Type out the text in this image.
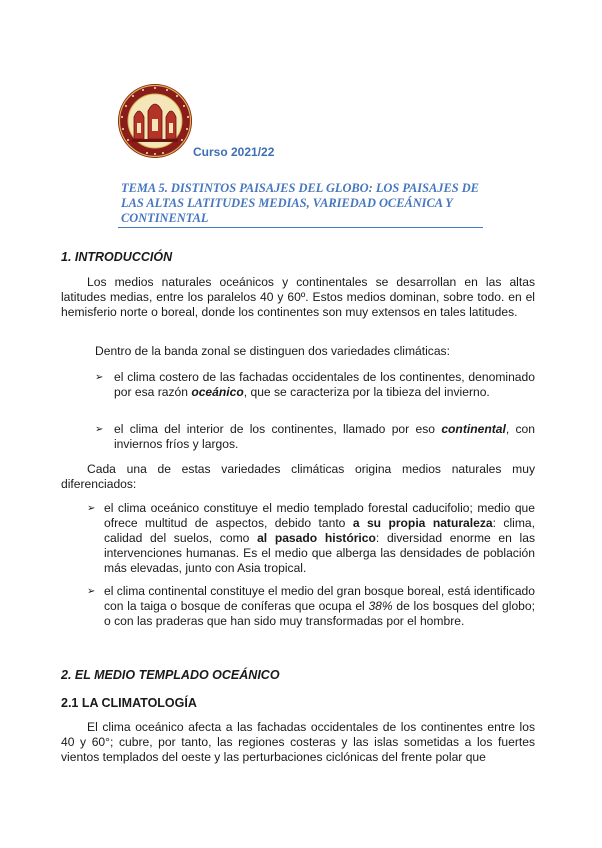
Curso 2021/22
TEMA 5. DISTINTOS PAISAJES DEL GLOBO: LOS PAISAJES DE
LAS ALTAS LATITUDES MEDIAS, VARIEDAD OCEÁNICA Y
CONTINENTAL
1. INTRODUCCIÓN

Los medios naturales oceánicos y continentales se desarrollan en las altas latitudes medias, entre los paralelos 40 y 60º. Estos medios dominan, sobre todo. en el hemisferio norte o boreal, donde los continentes son muy extensos en tales latitudes.

Dentro de la banda zonal se distinguen dos variedades climáticas:

➢ el clima costero de las fachadas occidentales de los continentes, denominado por esa razón oceánico, que se caracteriza por la tibieza del invierno.

➢ el clima del interior de los continentes, llamado por eso continental, con inviernos fríos y largos.

Cada una de estas variedades climáticas origina medios naturales muy diferenciados:

➢ el clima oceánico constituye el medio templado forestal caducifolio; medio que ofrece multitud de aspectos, debido tanto a su propia naturaleza: clima, calidad del suelos, como al pasado histórico: diversidad enorme en las intervenciones humanas. Es el medio que alberga las densidades de población más elevadas, junto con Asia tropical.

➢ el clima continental constituye el medio del gran bosque boreal, está identificado con la taiga o bosque de coníferas que ocupa el 38% de los bosques del globo; o con las praderas que han sido muy transformadas por el hombre.

2. EL MEDIO TEMPLADO OCEÁNICO
2.1 LA CLIMATOLOGÍA

El clima oceánico afecta a las fachadas occidentales de los continentes entre los 40 y 60°; cubre, por tanto, las regiones costeras y las islas sometidas a los fuertes vientos templados del oeste y las perturbaciones ciclónicas del frente polar que
